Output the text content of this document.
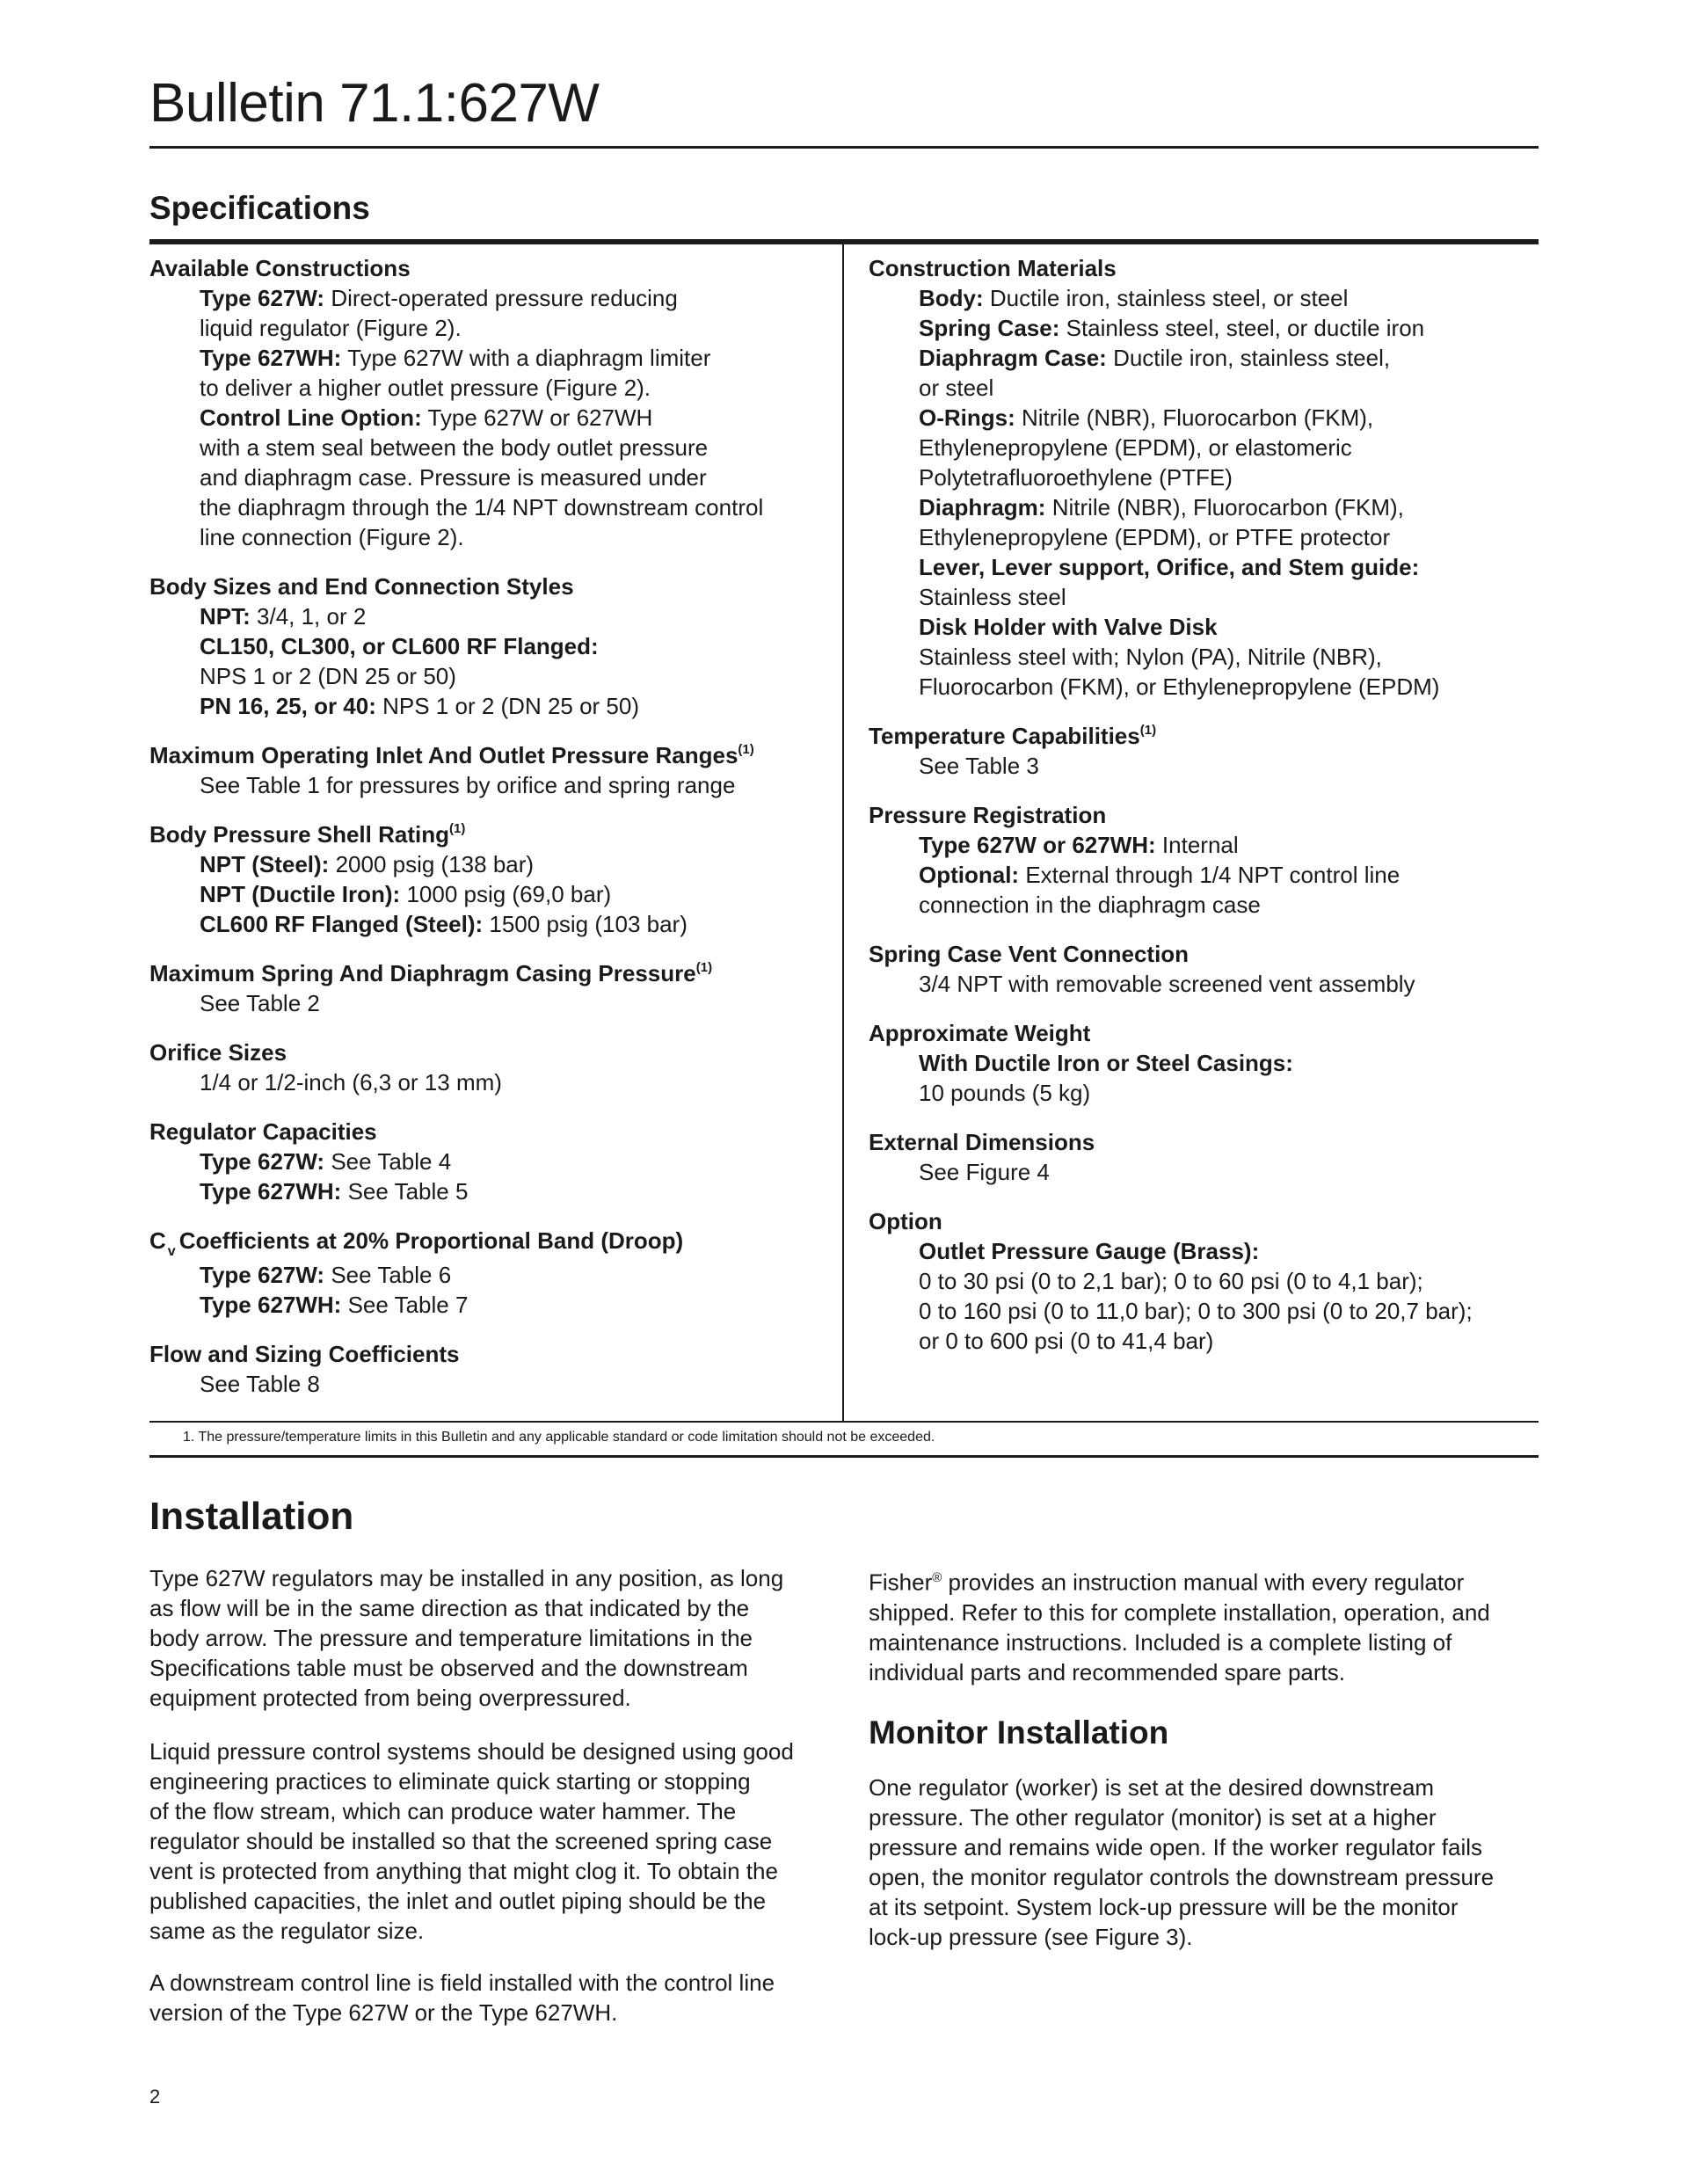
Bulletin 71.1:627W
Specifications
Available Constructions
Type 627W: Direct-operated pressure reducing
liquid regulator (Figure 2).
Type 627WH: Type 627W with a diaphragm limiter
to deliver a higher outlet pressure (Figure 2).
Control Line Option: Type 627W or 627WH
with a stem seal between the body outlet pressure
and diaphragm case. Pressure is measured under
the diaphragm through the 1/4 NPT downstream control
line connection (Figure 2).
Body Sizes and End Connection Styles
NPT: 3/4, 1, or 2
CL150, CL300, or CL600 RF Flanged:
NPS 1 or 2 (DN 25 or 50)
PN 16, 25, or 40: NPS 1 or 2 (DN 25 or 50)
Maximum Operating Inlet And Outlet Pressure Ranges$^{(1)}$
See Table 1 for pressures by orifice and spring range
Body Pressure Shell Rating$^{(1)}$
NPT (Steel): 2000 psig (138 bar)
NPT (Ductile Iron): 1000 psig (69,0 bar)
CL600 RF Flanged (Steel): 1500 psig (103 bar)
Maximum Spring And Diaphragm Casing Pressure$^{(1)}$
See Table 2
Orifice Sizes
1/4 or 1/2-inch (6,3 or 13 mm)
Regulator Capacities
Type 627W: See Table 4
Type 627WH: See Table 5
C $_v$ Coefficients at 20% Proportional Band (Droop)
Type 627W: See Table 6
Type 627WH: See Table 7
Flow and Sizing Coefficients
See Table 8
Construction Materials
Body: Ductile iron, stainless steel, or steel
Spring Case: Stainless steel, steel, or ductile iron
Diaphragm Case: Ductile iron, stainless steel,
or steel
O-Rings: Nitrile (NBR), Fluorocarbon (FKM),
Ethylenepropylene (EPDM), or elastomeric
Polytetrafluoroethylene (PTFE)
Diaphragm: Nitrile (NBR), Fluorocarbon (FKM),
Ethylenepropylene (EPDM), or PTFE protector
Lever, Lever support, Orifice, and Stem guide:
Stainless steel
Disk Holder with Valve Disk
Stainless steel with; Nylon (PA), Nitrile (NBR),
Fluorocarbon (FKM), or Ethylenepropylene (EPDM)
Temperature Capabilities$^{(1)}$
See Table 3
Pressure Registration
Type 627W or 627WH: Internal
Optional: External through 1/4 NPT control line
connection in the diaphragm case
Spring Case Vent Connection
3/4 NPT with removable screened vent assembly
Approximate Weight
With Ductile Iron or Steel Casings:
10 pounds (5 kg)
External Dimensions
See Figure 4
Option
Outlet Pressure Gauge (Brass):
0 to 30 psi (0 to 2,1 bar); 0 to 60 psi (0 to 4,1 bar);
0 to 160 psi (0 to 11,0 bar); 0 to 300 psi (0 to 20,7 bar);
or 0 to 600 psi (0 to 41,4 bar)
1. The pressure/temperature limits in this Bulletin and any applicable standard or code limitation should not be exceeded.
Installation
Type 627W regulators may be installed in any position, as long
as flow will be in the same direction as that indicated by the
body arrow. The pressure and temperature limitations in the
Specifications table must be observed and the downstream
equipment protected from being overpressured.
Liquid pressure control systems should be designed using good
engineering practices to eliminate quick starting or stopping
of the flow stream, which can produce water hammer. The
regulator should be installed so that the screened spring case
vent is protected from anything that might clog it. To obtain the
published capacities, the inlet and outlet piping should be the
same as the regulator size.
A downstream control line is field installed with the control line
version of the Type 627W or the Type 627WH.
Fisher® provides an instruction manual with every regulator
shipped. Refer to this for complete installation, operation, and
maintenance instructions. Included is a complete listing of
individual parts and recommended spare parts.
Monitor Installation
One regulator (worker) is set at the desired downstream
pressure. The other regulator (monitor) is set at a higher
pressure and remains wide open. If the worker regulator fails
open, the monitor regulator controls the downstream pressure
at its setpoint. System lock-up pressure will be the monitor
lock-up pressure (see Figure 3).
2
